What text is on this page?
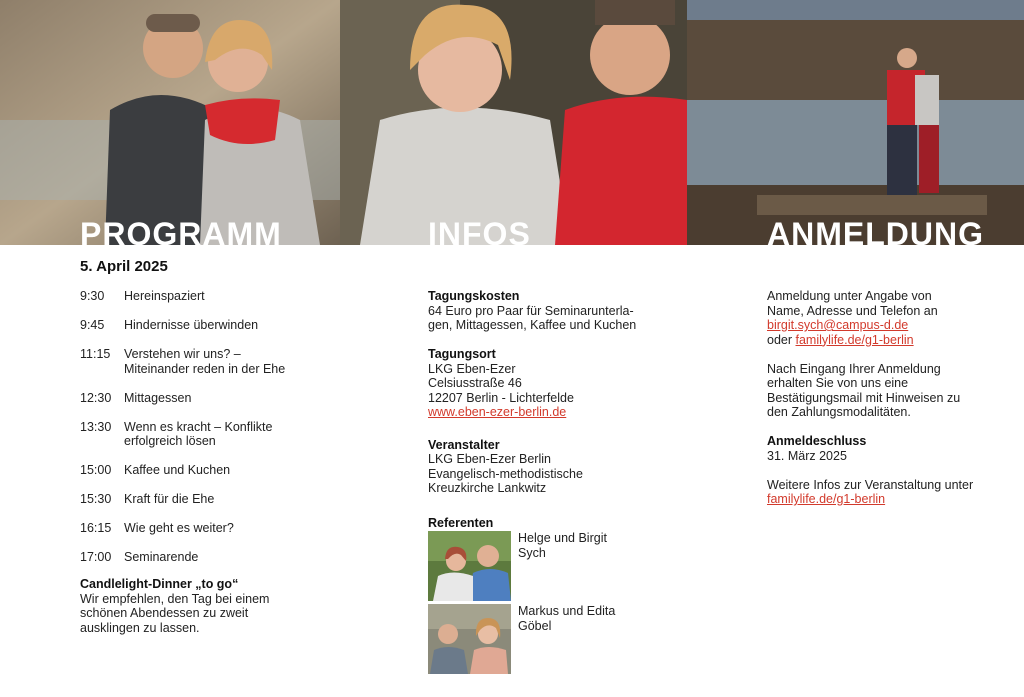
PROGRAMM	INFOS	ANMELDUNG
5. April 2025
9:30	Hereinspaziert
9:45	Hindernisse überwinden
11:15	Verstehen wir uns? –
Miteinander reden in der Ehe
12:30	Mittagessen
13:30	Wenn es kracht – Konflikte
erfolgreich lösen
15:00	Kaffee und Kuchen
15:30	Kraft für die Ehe
16:15	Wie geht es weiter?
17:00	Seminarende
Candlelight-Dinner „to go“
Wir empfehlen, den Tag bei einem
schönen Abendessen zu zweit
ausklingen zu lassen.
Tagungskosten
64 Euro pro Paar für Seminarunterla-
gen, Mittagessen, Kaffee und Kuchen
Tagungsort
LKG Eben-Ezer
Celsiusstraße 46
12207 Berlin - Lichterfelde
www.eben-ezer-berlin.de
Veranstalter
LKG Eben-Ezer Berlin
Evangelisch-methodistische
Kreuzkirche Lankwitz
Referenten
Helge und Birgit
Sych
Markus und Edita
Göbel
Anmeldung unter Angabe von
Name, Adresse und Telefon an
birgit.sych@campus-d.de
oder familylife.de/g1-berlin
Nach Eingang Ihrer Anmeldung
erhalten Sie von uns eine
Bestätigungsmail mit Hinweisen zu
den Zahlungsmodalitäten.
Anmeldeschluss
31. März 2025
Weitere Infos zur Veranstaltung unter
familylife.de/g1-berlin
